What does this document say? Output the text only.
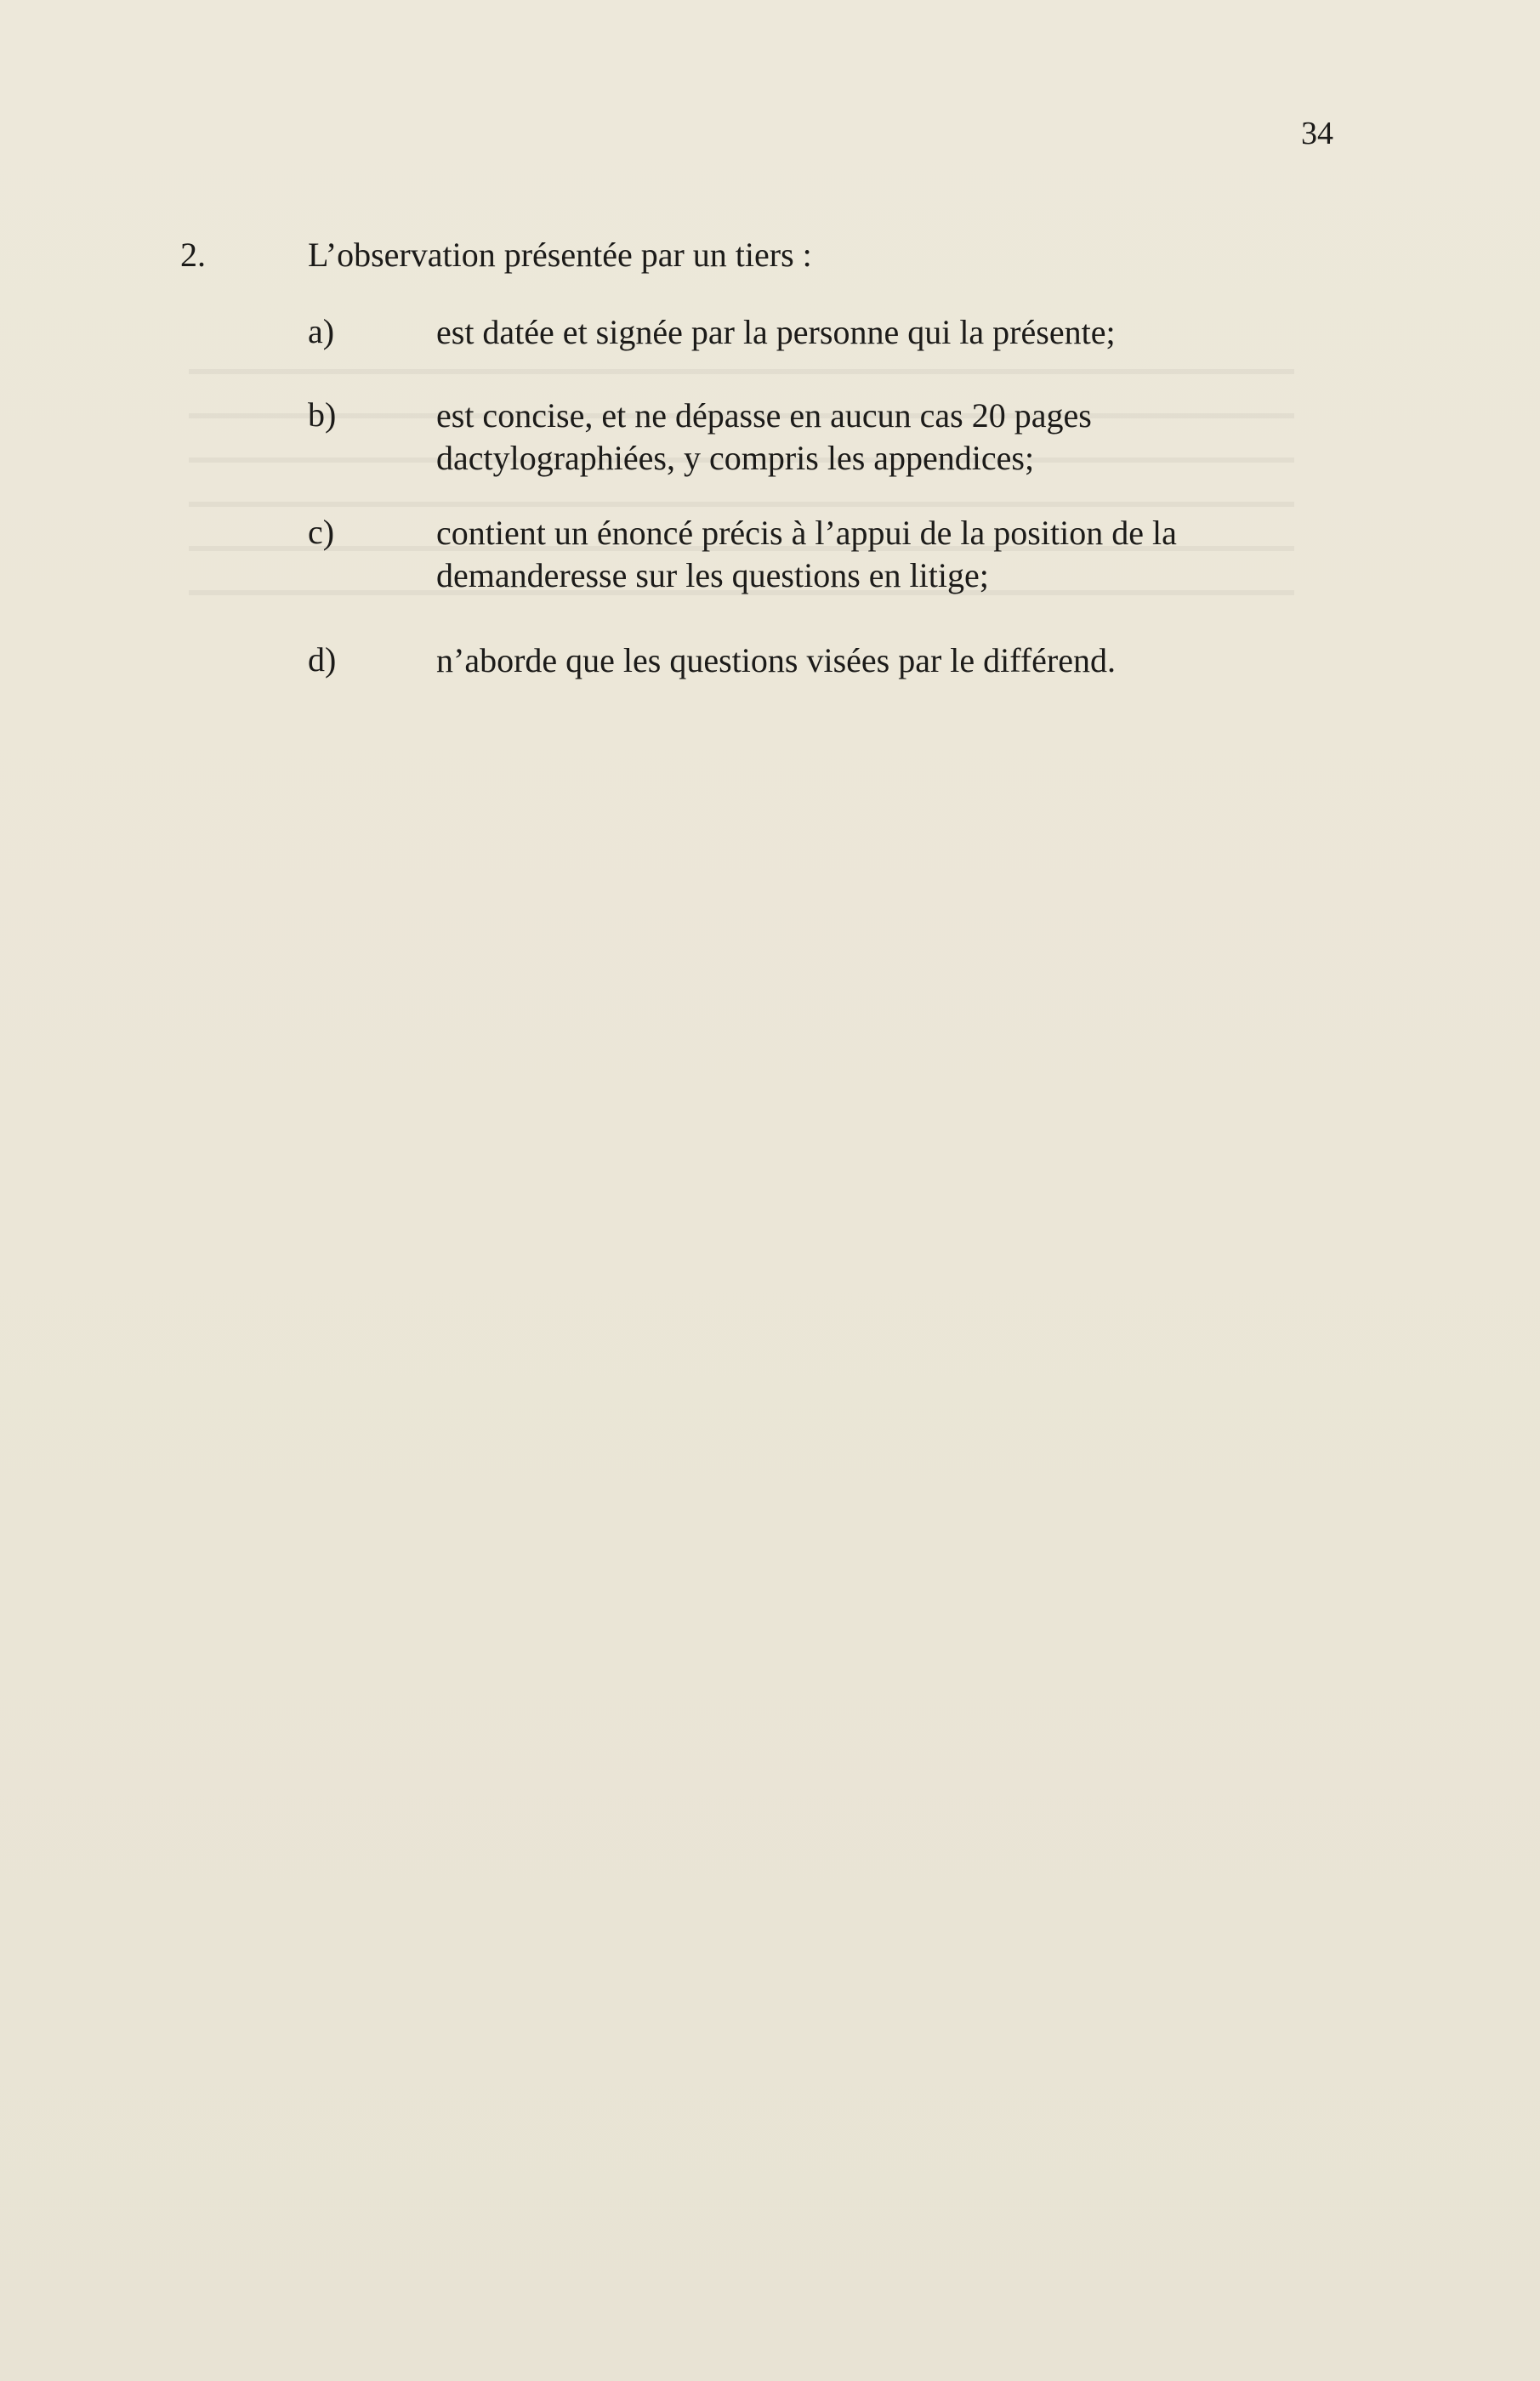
34
2.	L’observation présentée par un tiers :
a)	est datée et signée par la personne qui la présente;
b)	est concise, et ne dépasse en aucun cas 20 pages
dactylographiées, y compris les appendices;
c)	contient un énoncé précis à l’appui de la position de la
demanderesse sur les questions en litige;
d)	n’aborde que les questions visées par le différend.
